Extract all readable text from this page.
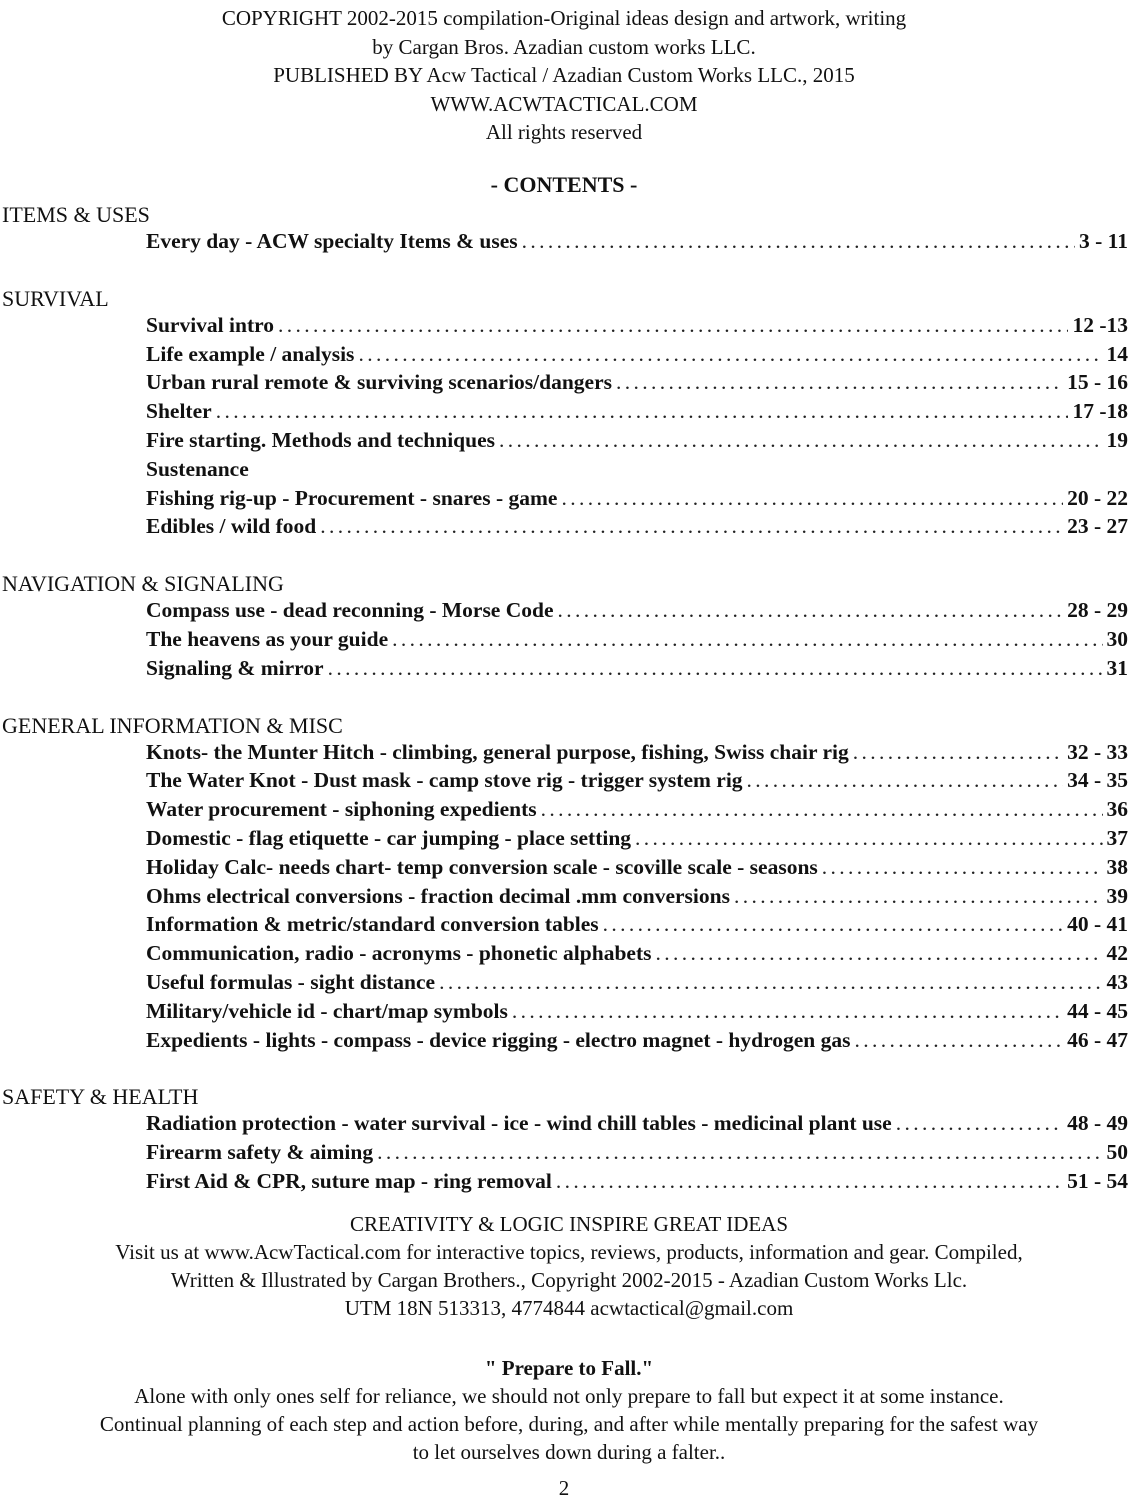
COPYRIGHT 2002-2015 compilation-Original ideas design and artwork, writing
by Cargan Bros. Azadian custom works LLC.
PUBLISHED BY Acw Tactical / Azadian Custom Works LLC., 2015
WWW.ACWTACTICAL.COM
All rights reserved
- CONTENTS -
ITEMS & USES
Every day - ACW specialty Items & uses . . .	3 - 11
SURVIVAL
Survival intro . . .	12 -13
Life example / analysis . . .	14
Urban rural remote & surviving scenarios/dangers . . .	15 - 16
Shelter . . .	17 -18
Fire starting. Methods and techniques . . .	19
Sustenance
Fishing rig-up - Procurement - snares - game . . .	20 - 22
Edibles / wild food . . .	23 - 27
NAVIGATION & SIGNALING
Compass use - dead reconning - Morse Code . . .	28 - 29
The heavens as your guide . . .	30
Signaling & mirror . . .	31
GENERAL INFORMATION & MISC
Knots- the Munter Hitch - climbing, general purpose, fishing, Swiss chair rig . . .	32 - 33
The Water Knot - Dust mask - camp stove rig - trigger system rig . . .	34 - 35
Water procurement - siphoning expedients . . .	36
Domestic - flag etiquette - car jumping - place setting . . .	37
Holiday Calc- needs chart- temp conversion scale - scoville scale - seasons . . .	38
Ohms electrical conversions - fraction decimal .mm conversions . . .	39
Information & metric/standard conversion tables . . .	40 - 41
Communication, radio - acronyms - phonetic alphabets . . .	42
Useful formulas - sight distance . . .	43
Military/vehicle id - chart/map symbols . . .	44 - 45
Expedients - lights - compass - device rigging - electro magnet - hydrogen gas . . .	46 - 47
SAFETY & HEALTH
Radiation protection - water survival - ice - wind chill tables - medicinal plant use . . .	48 - 49
Firearm safety & aiming . . .	50
First Aid & CPR, suture map - ring removal . . .	51 - 54
CREATIVITY & LOGIC INSPIRE GREAT IDEAS
Visit us at www.AcwTactical.com for interactive topics, reviews, products, information and gear. Compiled,
Written & Illustrated by Cargan Brothers., Copyright 2002-2015 - Azadian Custom Works Llc.
UTM 18N 513313, 4774844 acwtactical@gmail.com
" Prepare to Fall."
Alone with only ones self for reliance, we should not only prepare to fall but expect it at some instance.
Continual planning of each step and action before, during, and after while mentally preparing for the safest way
to let ourselves down during a falter..
2
